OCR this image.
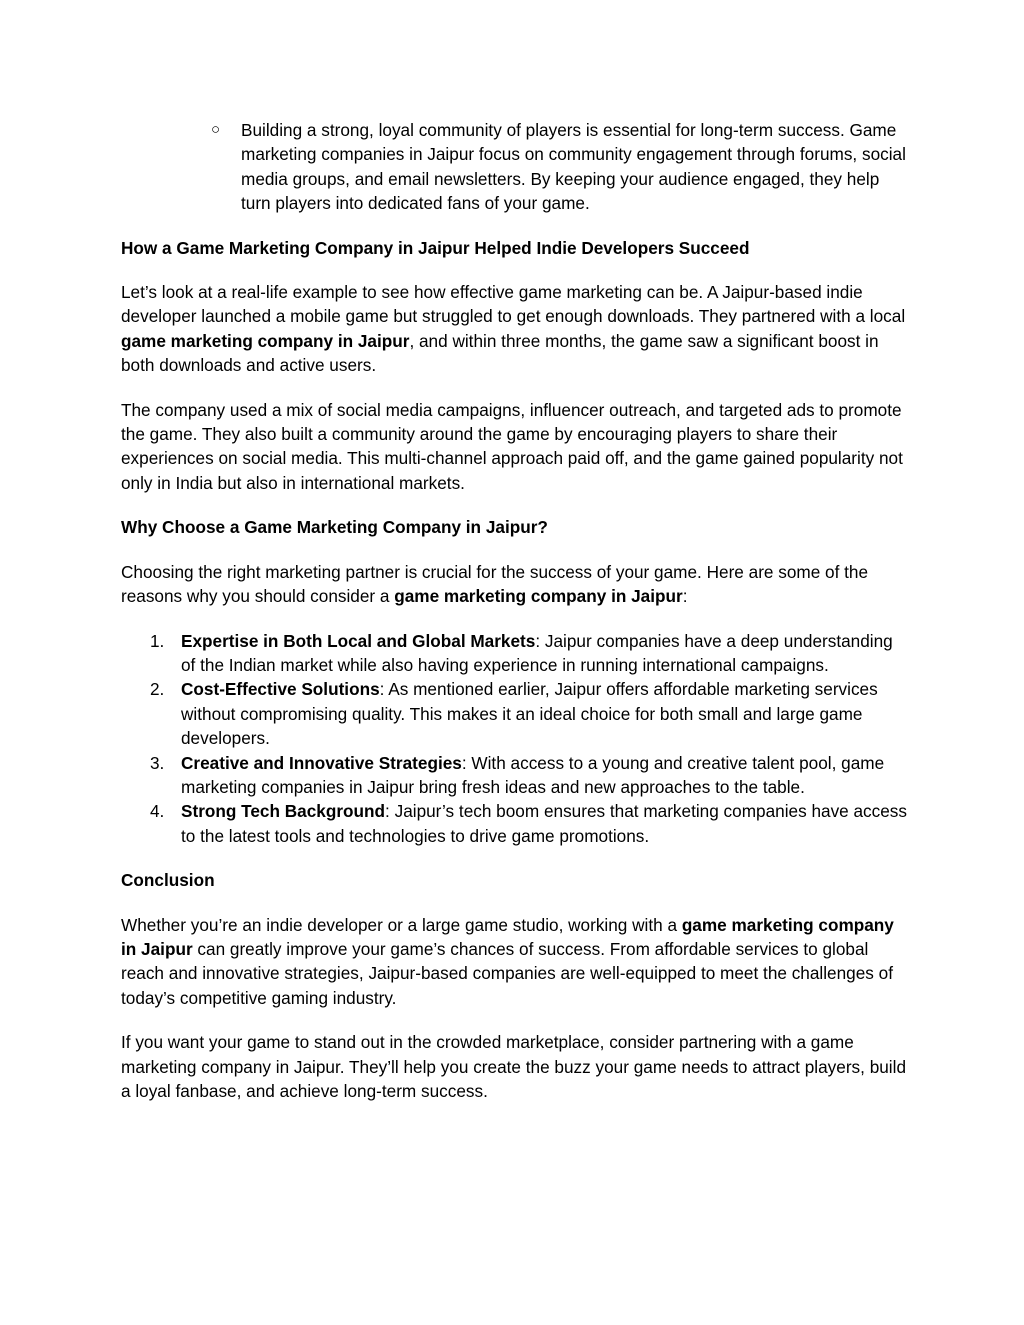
○ Building a strong, loyal community of players is essential for long-term success. Game marketing companies in Jaipur focus on community engagement through forums, social media groups, and email newsletters. By keeping your audience engaged, they help turn players into dedicated fans of your game.
How a Game Marketing Company in Jaipur Helped Indie Developers Succeed

Let’s look at a real-life example to see how effective game marketing can be. A Jaipur-based indie developer launched a mobile game but struggled to get enough downloads. They partnered with a local game marketing company in Jaipur, and within three months, the game saw a significant boost in both downloads and active users.

The company used a mix of social media campaigns, influencer outreach, and targeted ads to promote the game. They also built a community around the game by encouraging players to share their experiences on social media. This multi-channel approach paid off, and the game gained popularity not only in India but also in international markets.

Why Choose a Game Marketing Company in Jaipur?

Choosing the right marketing partner is crucial for the success of your game. Here are some of the reasons why you should consider a game marketing company in Jaipur:

1. Expertise in Both Local and Global Markets: Jaipur companies have a deep understanding of the Indian market while also having experience in running international campaigns.
2. Cost-Effective Solutions: As mentioned earlier, Jaipur offers affordable marketing services without compromising quality. This makes it an ideal choice for both small and large game developers.
3. Creative and Innovative Strategies: With access to a young and creative talent pool, game marketing companies in Jaipur bring fresh ideas and new approaches to the table.
4. Strong Tech Background: Jaipur’s tech boom ensures that marketing companies have access to the latest tools and technologies to drive game promotions.
Conclusion

Whether you’re an indie developer or a large game studio, working with a game marketing company in Jaipur can greatly improve your game’s chances of success. From affordable services to global reach and innovative strategies, Jaipur-based companies are well-equipped to meet the challenges of today’s competitive gaming industry.

If you want your game to stand out in the crowded marketplace, consider partnering with a game marketing company in Jaipur. They’ll help you create the buzz your game needs to attract players, build a loyal fanbase, and achieve long-term success.
